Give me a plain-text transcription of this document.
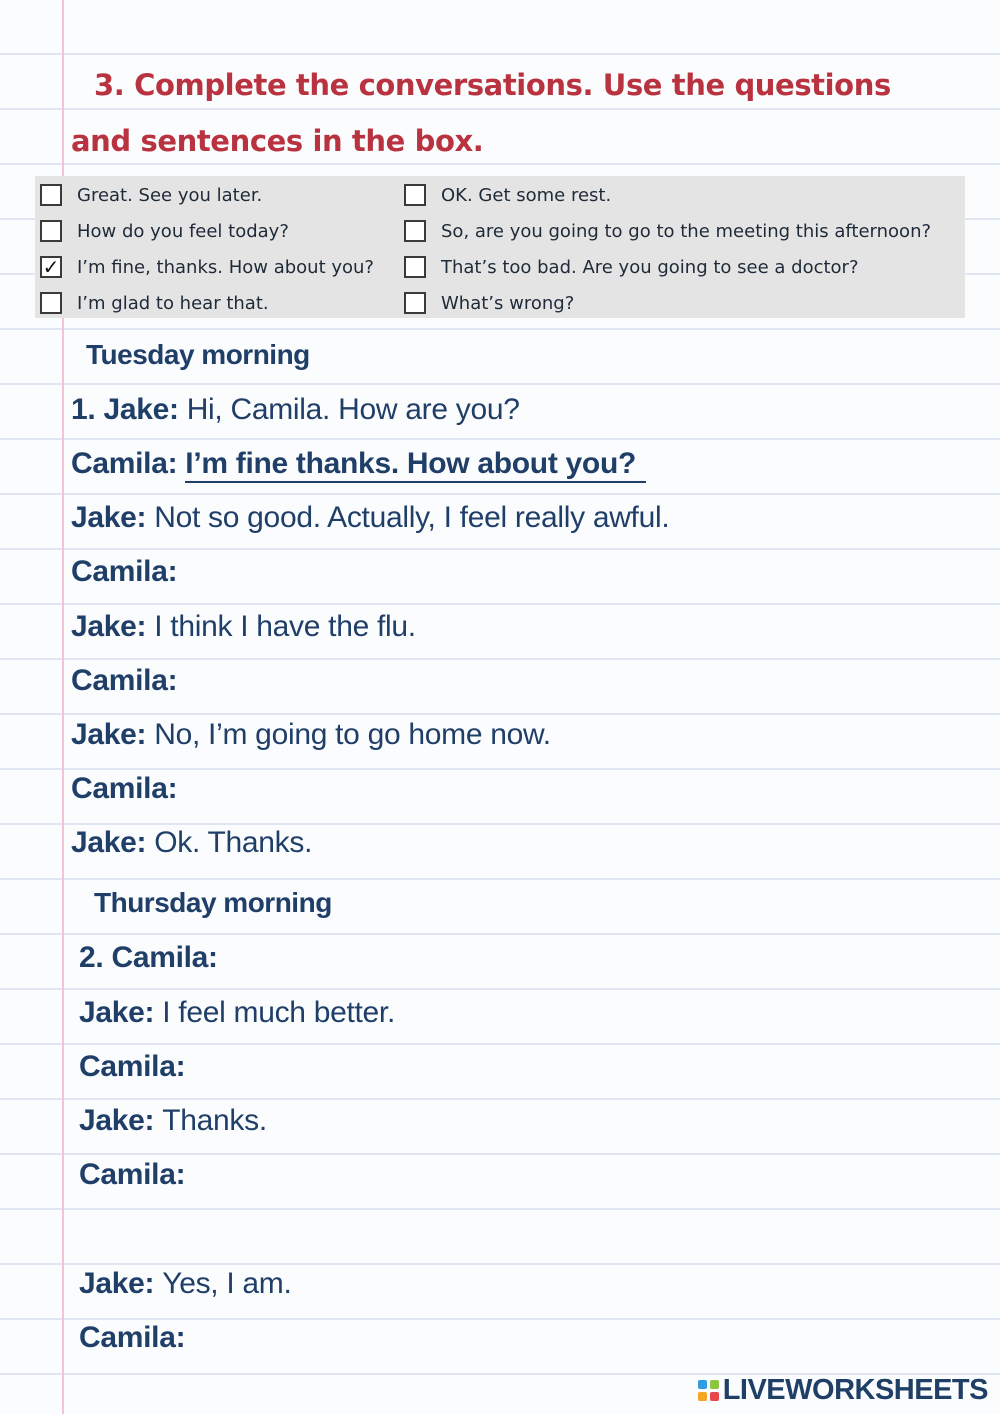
3. Complete the conversations. Use the questions
and sentences in the box.
Great. See you later.
How do you feel today?
✓ I’m fine, thanks. How about you?
I’m glad to hear that.
OK. Get some rest.
So, are you going to go to the meeting this afternoon?
That’s too bad. Are you going to see a doctor?
What’s wrong?
Tuesday morning
1. Jake: Hi, Camila. How are you?
Camila: I’m fine thanks. How about you?
Jake: Not so good. Actually, I feel really awful.
Camila:
Jake: I think I have the flu.
Camila:
Jake: No, I’m going to go home now.
Camila:
Jake: Ok. Thanks.
Thursday morning
2. Camila:
Jake: I feel much better.
Camila:
Jake: Thanks.
Camila:
Jake: Yes, I am.
Camila:
LIVEWORKSHEETS
